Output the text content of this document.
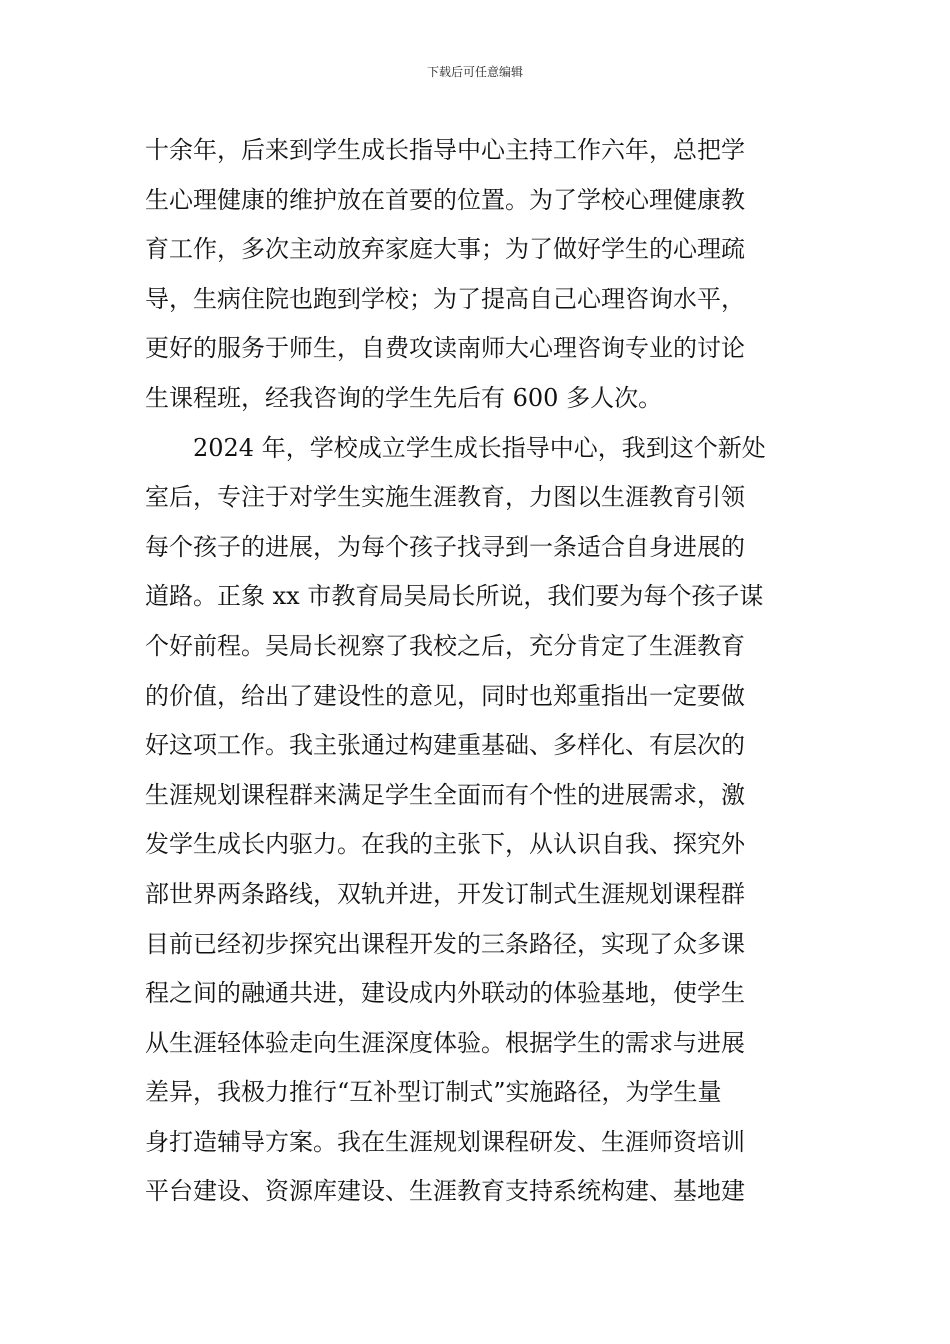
下载后可任意编辑
十余年，后来到学生成长指导中心主持工作六年，总把学
生心理健康的维护放在首要的位置。为了学校心理健康教
育工作，多次主动放弃家庭大事；为了做好学生的心理疏
导，生病住院也跑到学校；为了提高自己心理咨询水平，
更好的服务于师生，自费攻读南师大心理咨询专业的讨论
生课程班，经我咨询的学生先后有 600 多人次。
　　2024 年，学校成立学生成长指导中心，我到这个新处
室后，专注于对学生实施生涯教育，力图以生涯教育引领
每个孩子的进展，为每个孩子找寻到一条适合自身进展的
道路。正象 xx 市教育局吴局长所说，我们要为每个孩子谋
个好前程。吴局长视察了我校之后，充分肯定了生涯教育
的价值，给出了建设性的意见，同时也郑重指出一定要做
好这项工作。我主张通过构建重基础、多样化、有层次的
生涯规划课程群来满足学生全面而有个性的进展需求，激
发学生成长内驱力。在我的主张下，从认识自我、探究外
部世界两条路线，双轨并进，开发订制式生涯规划课程群
目前已经初步探究出课程开发的三条路径，实现了众多课
程之间的融通共进，建设成内外联动的体验基地，使学生
从生涯轻体验走向生涯深度体验。根据学生的需求与进展
差异，我极力推行“互补型订制式”实施路径，为学生量
身打造辅导方案。我在生涯规划课程研发、生涯师资培训
平台建设、资源库建设、生涯教育支持系统构建、基地建
